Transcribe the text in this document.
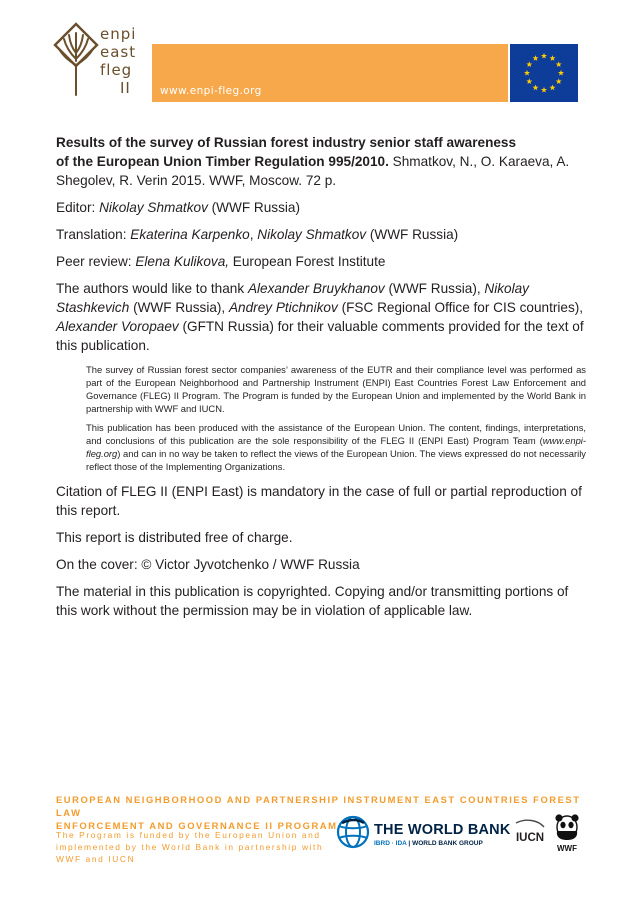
enpi
east
fleg
II	www.enpi-fleg.org

Results of the survey of Russian forest industry senior staff awareness
of the European Union Timber Regulation 995/2010. Shmatkov, N., O. Karaeva, A. Shegolev, R. Verin 2015. WWF, Moscow. 72 p.

Editor: Nikolay Shmatkov (WWF Russia)

Translation: Ekaterina Karpenko, Nikolay Shmatkov (WWF Russia)

Peer review: Elena Kulikova, European Forest Institute

The authors would like to thank Alexander Bruykhanov (WWF Russia), Nikolay Stashkevich (WWF Russia), Andrey Ptichnikov (FSC Regional Office for CIS countries), Alexander Voropaev (GFTN Russia) for their valuable comments provided for the text of this publication.

The survey of Russian forest sector companies’ awareness of the EUTR and their compliance level was performed as part of the European Neighborhood and Partnership Instrument (ENPI) East Countries Forest Law Enforcement and Governance (FLEG) II Program. The Program is funded by the European Union and implemented by the World Bank in partnership with WWF and IUCN.

This publication has been produced with the assistance of the European Union. The content, findings, interpretations, and conclusions of this publication are the sole responsibility of the FLEG II (ENPI East) Program Team (www.enpi-fleg.org) and can in no way be taken to reflect the views of the European Union. The views expressed do not necessarily reflect those of the Implementing Organizations.

Citation of FLEG II (ENPI East) is mandatory in the case of full or partial reproduction of this report.

This report is distributed free of charge.

On the cover: © Victor Jyvotchenko / WWF Russia

The material in this publication is copyrighted. Copying and/or transmitting portions of this work without the permission may be in violation of applicable law.

EUROPEAN NEIGHBORHOOD AND PARTNERSHIP INSTRUMENT EAST COUNTRIES FOREST LAW
ENFORCEMENT AND GOVERNANCE II PROGRAM
The Program is funded by the European Union and implemented by the World Bank in partnership with WWF and IUCN
THE WORLD BANK
IBRD · IDA | WORLD BANK GROUP	IUCN
WWF
